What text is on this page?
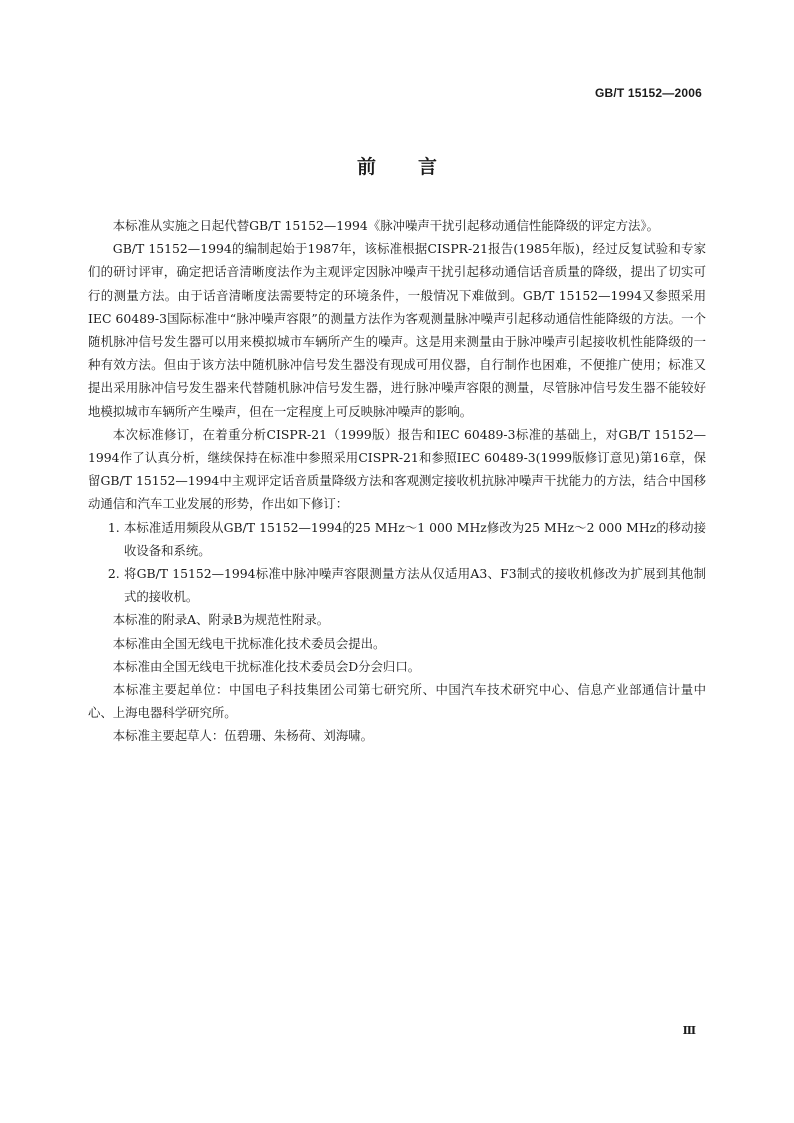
GB/T 15152—2006
前言

本标准从实施之日起代替GB/T 15152—1994《脉冲噪声干扰引起移动通信性能降级的评定方法》。

GB/T 15152—1994的编制起始于1987年，该标准根据CISPR-21报告(1985年版)，经过反复试验和专家们的研讨评审，确定把话音清晰度法作为主观评定因脉冲噪声干扰引起移动通信话音质量的降级，提出了切实可行的测量方法。由于话音清晰度法需要特定的环境条件，一般情况下难做到。GB/T 15152—1994又参照采用IEC 60489-3国际标准中“脉冲噪声容限”的测量方法作为客观测量脉冲噪声引起移动通信性能降级的方法。一个随机脉冲信号发生器可以用来模拟城市车辆所产生的噪声。这是用来测量由于脉冲噪声引起接收机性能降级的一种有效方法。但由于该方法中随机脉冲信号发生器没有现成可用仪器，自行制作也困难，不便推广使用；标准又提出采用脉冲信号发生器来代替随机脉冲信号发生器，进行脉冲噪声容限的测量，尽管脉冲信号发生器不能较好地模拟城市车辆所产生噪声，但在一定程度上可反映脉冲噪声的影响。

本次标准修订，在着重分析CISPR-21（1999版）报告和IEC 60489-3标准的基础上，对GB/T 15152—1994作了认真分析，继续保持在标准中参照采用CISPR-21和参照IEC 60489-3(1999版修订意见)第16章，保留GB/T 15152—1994中主观评定话音质量降级方法和客观测定接收机抗脉冲噪声干扰能力的方法，结合中国移动通信和汽车工业发展的形势，作出如下修订：

1. 本标准适用频段从GB/T 15152—1994的25 MHz～1 000 MHz修改为25 MHz～2 000 MHz的移动接收设备和系统。

2. 将GB/T 15152—1994标准中脉冲噪声容限测量方法从仅适用A3、F3制式的接收机修改为扩展到其他制式的接收机。

本标准的附录A、附录B为规范性附录。

本标准由全国无线电干扰标准化技术委员会提出。

本标准由全国无线电干扰标准化技术委员会D分会归口。

本标准主要起单位：中国电子科技集团公司第七研究所、中国汽车技术研究中心、信息产业部通信计量中心、上海电器科学研究所。

本标准主要起草人：伍碧珊、朱杨荷、刘海啸。

Ⅲ
